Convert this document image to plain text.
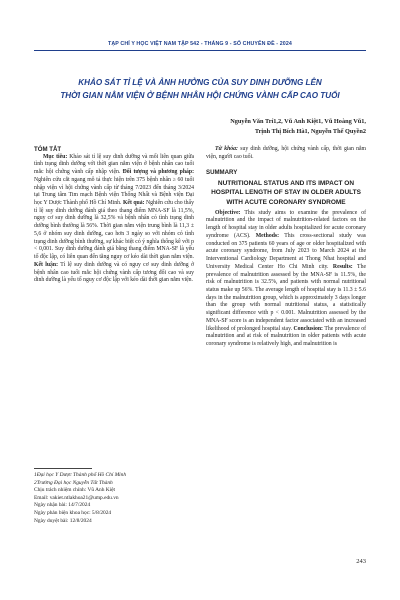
TẠP CHÍ Y HỌC VIỆT NAM TẬP 542 - THÁNG 9 - SỐ CHUYÊN ĐỀ - 2024
KHẢO SÁT TỈ LỆ VÀ ẢNH HƯỞNG CỦA SUY DINH DƯỠNG LÊN
THỜI GIAN NẰM VIỆN Ở BỆNH NHÂN HỘI CHỨNG VÀNH CẤP CAO TUỔI
Nguyễn Văn Trí1,2, Vũ Anh Kiệt1, Vũ Hoàng Vũ1,
Trịnh Thị Bích Hà1, Nguyễn Thế Quyền2

TÓM TẮT

Mục tiêu: Khảo sát tỉ lệ suy dinh dưỡng và mối liên quan giữa tình trạng dinh dưỡng với thời gian nằm viện ở bệnh nhân cao tuổi mắc hội chứng vành cấp nhập viện. Đối tượng và phương pháp: Nghiên cứu cắt ngang mô tả thực hiện trên 375 bệnh nhân ≥ 60 tuổi nhập viện vì hội chứng vành cấp từ tháng 7/2023 đến tháng 3/2024 tại Trung tâm Tim mạch Bệnh viện Thống Nhất và Bệnh viện Đại học Y Dược Thành phố Hồ Chí Minh. Kết quả: Nghiên cứu cho thấy tỉ lệ suy dinh dưỡng đánh giá theo thang điểm MNA-SF là 11,5%, nguy cơ suy dinh dưỡng là 32,5% và bệnh nhân có tình trạng dinh dưỡng bình thường là 56%. Thời gian nằm viện trung bình là 11,3 ± 5,6 ở nhóm suy dinh dưỡng, cao hơn 3 ngày so với nhóm có tình trạng dinh dưỡng bình thường, sự khác biệt có ý nghĩa thống kê với p < 0,001. Suy dinh dưỡng đánh giá bằng thang điểm MNA-SF là yếu tố độc lập, có liên quan đến tăng nguy cơ kéo dài thời gian nằm viện. Kết luận: Tỉ lệ suy dinh dưỡng và có nguy cơ suy dinh dưỡng ở bệnh nhân cao tuổi mắc hội chứng vành cấp tương đối cao và suy dinh dưỡng là yếu tố nguy cơ độc lập với kéo dài thời gian nằm viện.

1Đại học Y Dược Thành phố Hồ Chí Minh
2Trường Đại học Nguyễn Tất Thành
Chịu trách nhiệm chính: Vũ Anh Kiệt
Email: vakiet.ntlakhoa21@ump.edu.vn
Ngày nhận bài: 14/7/2024
Ngày phản biện khoa học: 5/8/2024
Ngày duyệt bài: 12/8/2024

Từ khóa: suy dinh dưỡng, hội chứng vành cấp, thời gian nằm viện, người cao tuổi.

SUMMARY

NUTRITIONAL STATUS AND ITS IMPACT ON HOSPITAL LENGTH OF STAY IN OLDER ADULTS WITH ACUTE CORONARY SYNDROME

Objective: This study aims to examine the prevalence of malnutrition and the impact of malnutrition-related factors on the length of hospital stay in older adults hospitalized for acute coronary syndrome (ACS). Methods: This cross-sectional study was conducted on 375 patients 60 years of age or older hospitalized with acute coronary syndrome, from July 2023 to March 2024 at the Interventional Cardiology Department at Thong Nhat hospital and University Medical Center Ho Chi Minh city. Results: The prevalence of malnutrition assessed by the MNA-SF is 11.5%, the risk of malnutrition is 32.5%, and patients with normal nutritional status make up 56%. The average length of hospital stay is 11.3 ± 5.6 days in the malnutrition group, which is approximately 3 days longer than the group with normal nutritional status, a statistically significant difference with p < 0.001. Malnutrition assessed by the MNA-SF score is an independent factor associated with an increased likelihood of prolonged hospital stay. Conclusion: The prevalence of malnutrition and at risk of malnutrition in older patients with acute coronary syndrome is relatively high, and malnutrition is

243
